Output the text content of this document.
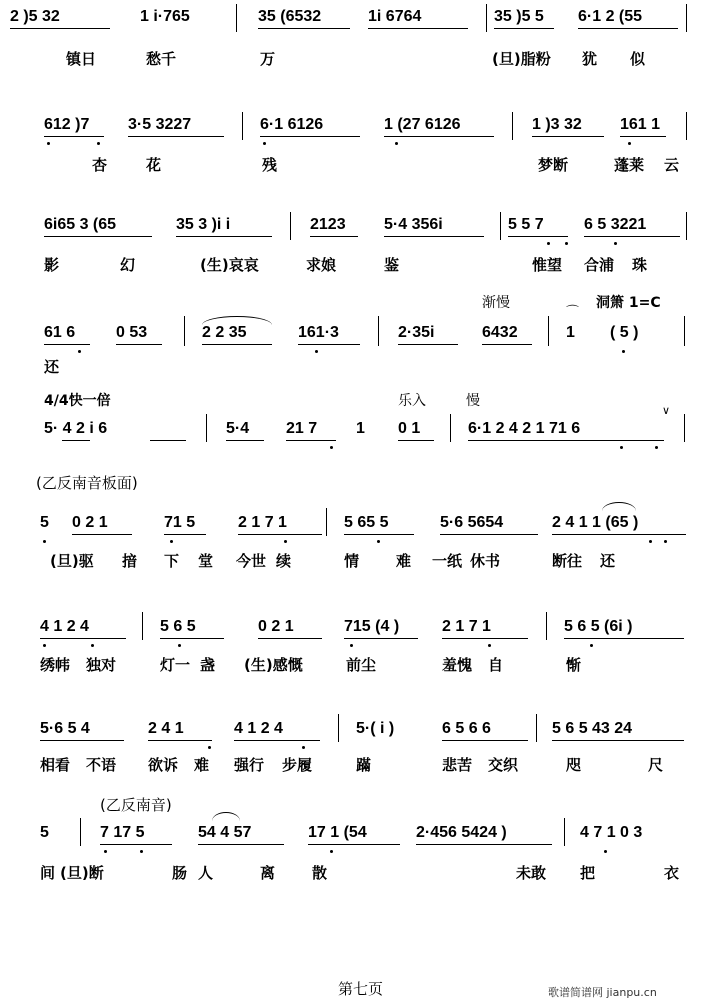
2 )5 32	1 i·765	35 (6532	1i 6764	35 )5 5 6·1 2 (55
镇日	愁千	万	(旦)脂粉 犹 似
612 )7 3·5 3227	6·1 6126	1 (27 6126	1 )3 32 161 1
杏	花	残	梦断	蓬莱 云
6i65 3 (65	35 3 )i i	2123 5·4 356i	5 5 7	6 5 3221
影	幻	(生)哀哀	求娘	鉴	惟望 合浦 珠
渐慢	洞箫 1=C
⌒
61 6	0 53	2 2 35	161·3	2·35i	6432	1 ( 5 )
还
4/4快一倍	乐入	慢
∨
5· 4 2 i 6	5·4 21 7 1 0 1	6·1 2 4 2 1 71 6
(乙反南音板面)
5 0 2 1	71 5	2 1 7 1	5 65 5	5·6 5654	2 4 1 1 (65 )
(旦)驱 揞 下 堂 今世 续	情 难 一纸 休书	断往 还
4 1 2 4	5 6 5	0 2 1	715 (4 )	2 1 7 1	5 6 5 (6i )
绣帏 独对	灯一 盏 (生)感慨	前尘	羞愧 自	惭
5·6 5 4	2 4 1	4 1 2 4	5·( i )	6 5 6 6	5 6 5 43 24
相看 不语 欲诉 难 强行 步履	蹣	悲苦 交织	咫	尺
(乙反南音)
5	7 17 5	54 4 57	17 1 (54	2·456 5424 )	4 7 1 0 3
间 (旦)断	肠 人	离 散	未敢 把	衣
第七页	歌谱简谱网 jianpu.cn
